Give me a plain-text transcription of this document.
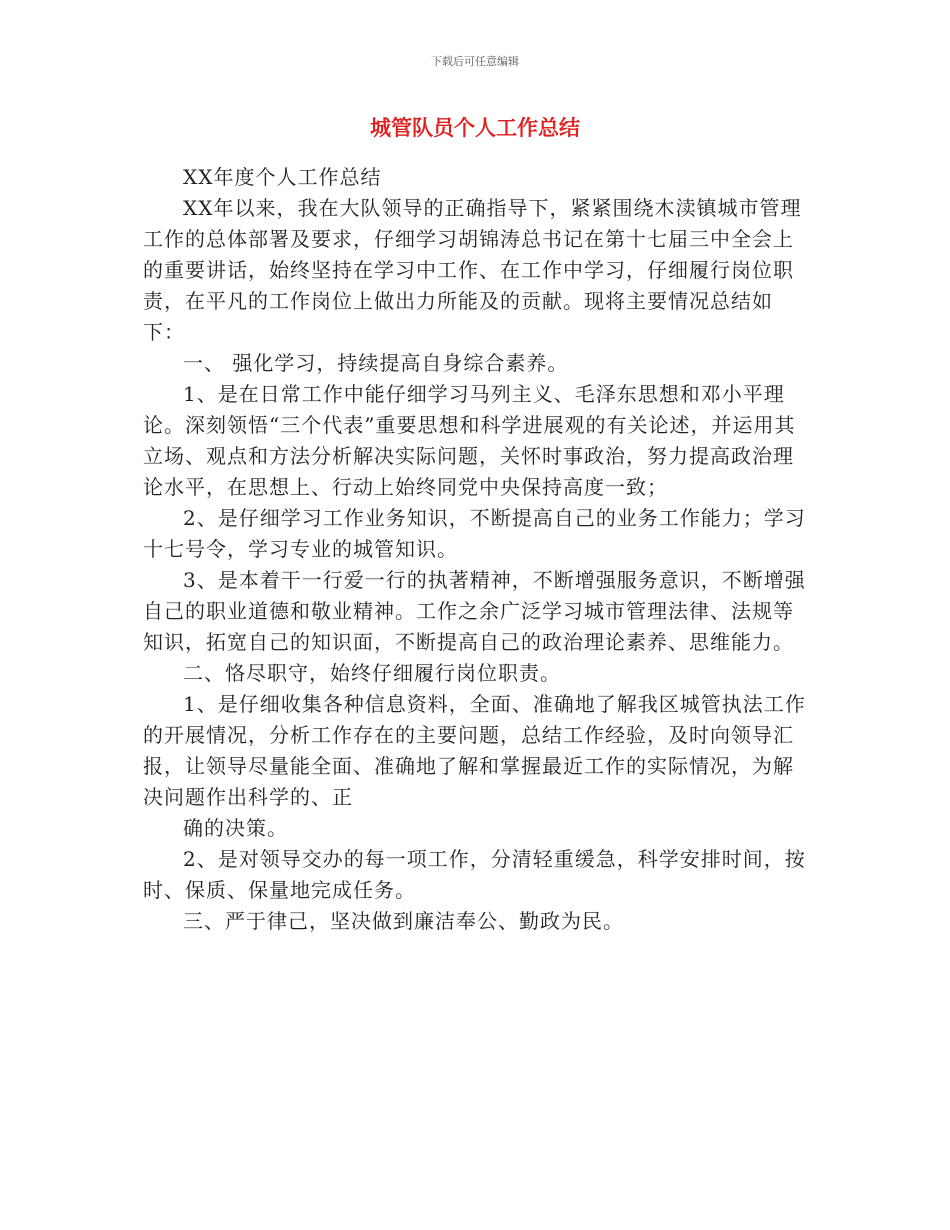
下载后可任意编辑
城管队员个人工作总结

XX年度个人工作总结

XX年以来，我在大队领导的正确指导下，紧紧围绕木渎镇城市管理工作的总体部署及要求，仔细学习胡锦涛总书记在第十七届三中全会上的重要讲话，始终坚持在学习中工作、在工作中学习，仔细履行岗位职责，在平凡的工作岗位上做出力所能及的贡献。现将主要情况总结如下：

一、 强化学习，持续提高自身综合素养。

1、是在日常工作中能仔细学习马列主义、毛泽东思想和邓小平理论。深刻领悟“三个代表”重要思想和科学进展观的有关论述，并运用其立场、观点和方法分析解决实际问题，关怀时事政治，努力提高政治理论水平，在思想上、行动上始终同党中央保持高度一致；

2、是仔细学习工作业务知识，不断提高自己的业务工作能力；学习十七号令，学习专业的城管知识。

3、是本着干一行爱一行的执著精神，不断增强服务意识，不断增强自己的职业道德和敬业精神。工作之余广泛学习城市管理法律、法规等知识，拓宽自己的知识面，不断提高自己的政治理论素养、思维能力。

二、恪尽职守，始终仔细履行岗位职责。

1、是仔细收集各种信息资料，全面、准确地了解我区城管执法工作的开展情况，分析工作存在的主要问题，总结工作经验，及时向领导汇报，让领导尽量能全面、准确地了解和掌握最近工作的实际情况，为解决问题作出科学的、正

确的决策。

2、是对领导交办的每一项工作，分清轻重缓急，科学安排时间，按时、保质、保量地完成任务。

三、严于律己，坚决做到廉洁奉公、勤政为民。
